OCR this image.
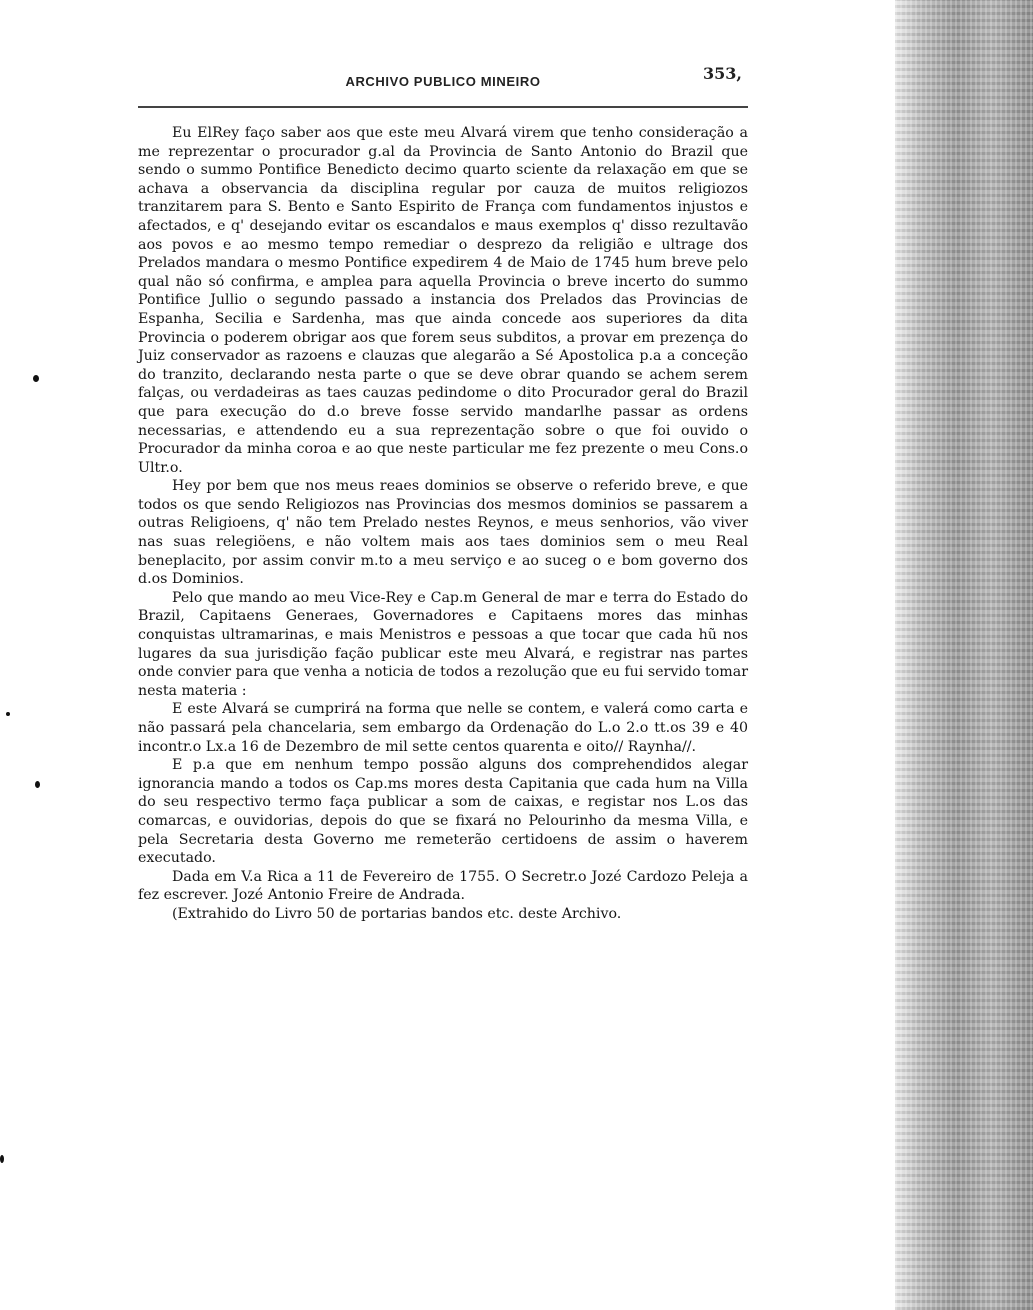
ARCHIVO PUBLICO MINEIRO	353,

Eu ElRey faço saber aos que este meu Alvará virem que tenho consideração a me reprezentar o procurador g.al da Provincia de Santo Antonio do Brazil que sendo o summo Pontifice Benedicto decimo quarto sciente da relaxação em que se achava a observancia da disciplina regular por cauza de muitos religiozos tranzitarem para S. Bento e Santo Espirito de França com fundamentos injustos e afectados, e q' desejando evitar os escandalos e maus exemplos q' disso rezultavão aos povos e ao mesmo tempo remediar o desprezo da religião e ultrage dos Prelados mandara o mesmo Pontifice expedirem 4 de Maio de 1745 hum breve pelo qual não só confirma, e amplea para aquella Provincia o breve incerto do summo Pontifice Jullio o segundo passado a instancia dos Prelados das Provincias de Espanha, Secilia e Sardenha, mas que ainda concede aos superiores da dita Provincia o poderem obrigar aos que forem seus subditos, a provar em prezença do Juiz conservador as razoens e clauzas que alegarão a Sé Apostolica p.a a conceção do tranzito, declarando nesta parte o que se deve obrar quando se achem serem falças, ou verdadeiras as taes cauzas pedindome o dito Procurador geral do Brazil que para execução do d.o breve fosse servido mandarlhe passar as ordens necessarias, e attendendo eu a sua reprezentação sobre o que foi ouvido o Procurador da minha coroa e ao que neste particular me fez prezente o meu Cons.o Ultr.o.

Hey por bem que nos meus reaes dominios se observe o referido breve, e que todos os que sendo Religiozos nas Provincias dos mesmos dominios se passarem a outras Religioens, q' não tem Prelado nestes Reynos, e meus senhorios, vão viver nas suas relegiöens, e não voltem mais aos taes dominios sem o meu Real beneplacito, por assim convir m.to a meu serviço e ao suceg o e bom governo dos d.os Dominios.

Pelo que mando ao meu Vice-Rey e Cap.m General de mar e terra do Estado do Brazil, Capitaens Generaes, Governadores e Capitaens mores das minhas conquistas ultramarinas, e mais Menistros e pessoas a que tocar que cada hũ nos lugares da sua jurisdição fação publicar este meu Alvará, e registrar nas partes onde convier para que venha a noticia de todos a rezolução que eu fui servido tomar nesta materia :

E este Alvará se cumprirá na forma que nelle se contem, e valerá como carta e não passará pela chancelaria, sem embargo da Ordenação do L.o 2.o tt.os 39 e 40 incontr.o Lx.a 16 de Dezembro de mil sette centos quarenta e oito// Raynha//.

E p.a que em nenhum tempo possão alguns dos comprehendidos alegar ignorancia mando a todos os Cap.ms mores desta Capitania que cada hum na Villa do seu respectivo termo faça publicar a som de caixas, e registar nos L.os das comarcas, e ouvidorias, depois do que se fixará no Pelourinho da mesma Villa, e pela Secretaria desta Governo me remeterão certidoens de assim o haverem executado.

Dada em V.a Rica a 11 de Fevereiro de 1755. O Secretr.o Jozé Cardozo Peleja a fez escrever. Jozé Antonio Freire de Andrada.

(Extrahido do Livro 50 de portarias bandos etc. deste Archivo.
